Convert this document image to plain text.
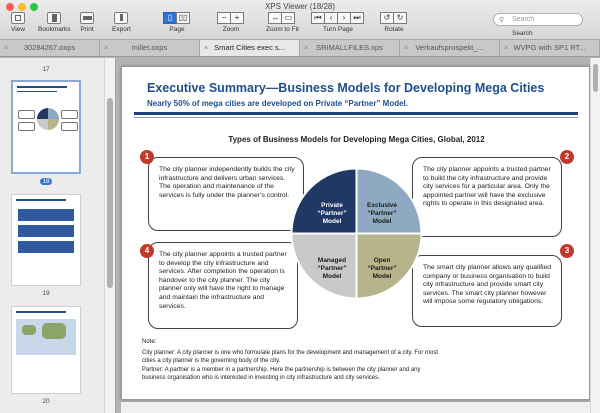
XPS Viewer (18/28)
View Bookmarks Print	Export
▯ ▯▯
Page
−	+
Zoom
↔ ▭
Zoom to Fit
⏮	‹	›	⏭
Turn Page
↺ ↻
Rotate
⚲ Search
Search
× 30284267.oxps	×	millet.oxps	× Smart Cities exec s...	× SRIMALLFILES.xps	× Verkaufsprospekt_...	× WVPG with SP1 RT...
17
18
19
20
Executive Summary—Business Models for Developing Mega Cities
Nearly 50% of mega cities are developed on Private “Partner” Model.
Types of Business Models for Developing Mega Cities, Global, 2012
The city planner independently builds the city infrastructure and delivers urban services. The operation and maintenance of the services is fully under the planner’s control.
The city planner appoints a trusted partner to build the city infrastructure and provide city services for a particular area. Only the appointed partner will have the exclusive rights to operate in this designated area.
The city planner appoints a trusted partner to develop the city infrastructure and services. After completion the operation is handover to the city planner. The city planner only will have the right to manage and maintain the infrastructure and services.
The smart city planner allows any qualified company or business organisation to build city infrastructure and provide smart city services. The smart city planner however will impose some regulatory obligations.
1	2
4	3
Private “Partner” Model
Exclusive “Partner” Model
Managed “Partner” Model
Open “Partner” Model
Note:
City planner: A city planner is one who formulate plans for the development and management of a city. For most cities a city planner is the governing body of the city.
Partner: A partner is a member in a partnership. Here the partnership is between the city planner and any business organisation who is interested in investing in city infrastructure and city services.
